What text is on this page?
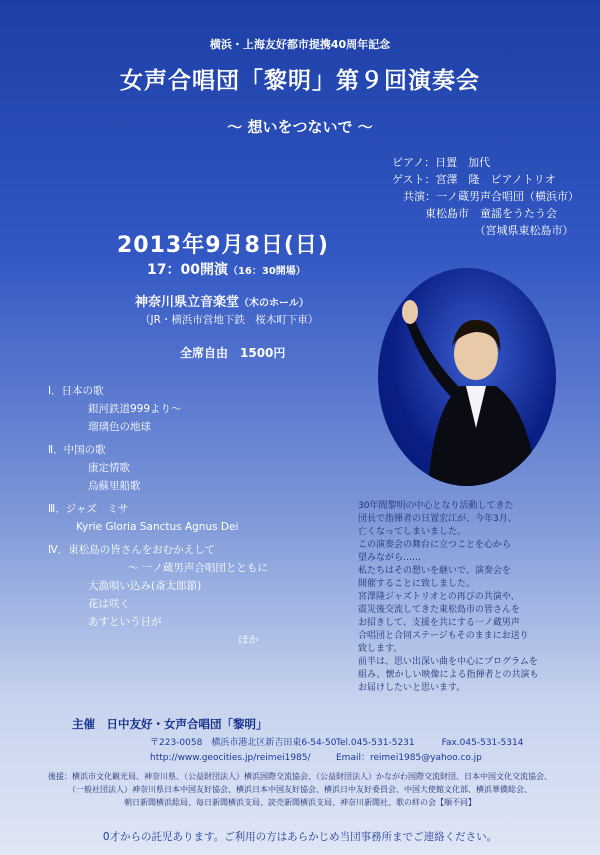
横浜・上海友好都市提携40周年記念
女声合唱団「黎明」第９回演奏会
～ 想いをつないで ～
ピアノ：日置　加代
ゲスト：宮澤　隆　ピアノトリオ
　共演：一ノ蔵男声合唱団（横浜市）
　　　東松島市　童謡をうたう会
　　　　　　　　（宮城県東松島市）
2013年9月8日(日)
17：00開演（16：30開場）
神奈川県立音楽堂（木のホール）
（JR・横浜市営地下鉄　桜木町下車）
全席自由　1500円
Ⅰ．日本の歌
銀河鉄道999より～
瑠璃色の地球
Ⅱ．中国の歌
康定情歌
烏蘇里船歌
Ⅲ．ジャズ　ミサ
Kyrie Gloria Sanctus Agnus Dei
Ⅳ．東松島の皆さんをおむかえして
～ 一ノ蔵男声合唱団とともに
大漁唄い込み(斎太郎節)
花は咲く
あすという日が
ほか
30年間黎明の中心となり活動してきた
団長で指揮者の日置宏江が、今年3月、
亡くなってしまいました。
この演奏会の舞台に立つことを心から
望みながら……
私たちはその想いを継いで、演奏会を
開催することに致しました。
宮澤隆ジャズトリオとの再びの共演や、
震災後交流してきた東松島市の皆さんを
お招きして、支援を共にする一ノ蔵男声
合唱団と合同ステージもそのままにお送り
致します。
前半は、思い出深い曲を中心にプログラムを
組み、懐かしい映像による指揮者との共演も
お届けしたいと思います。
主催　日中友好・女声合唱団「黎明」
〒223-0058　横浜市港北区新吉田東6-54-50 Tel.045-531-5231　　　Fax.045-531-5314
http://www.geocities.jp/reimei1985/	Email：reimei1985@yahoo.co.jp
後援：横浜市文化観光局、神奈川県、（公益財団法人）横浜国際交流協会、（公益財団法人）かながわ国際交流財団、日本中国文化交流協会、
（一般社団法人）神奈川県日本中国友好協会、横浜日本中国友好協会、横浜日中友好委員会、中国大使館文化部、横浜華僑総会、
朝日新聞横浜総局、毎日新聞横浜支局、読売新聞横浜支局、神奈川新聞社、歌の絆の会【順不同】
0才からの託児あります。ご利用の方はあらかじめ当団事務所までご連絡ください。
